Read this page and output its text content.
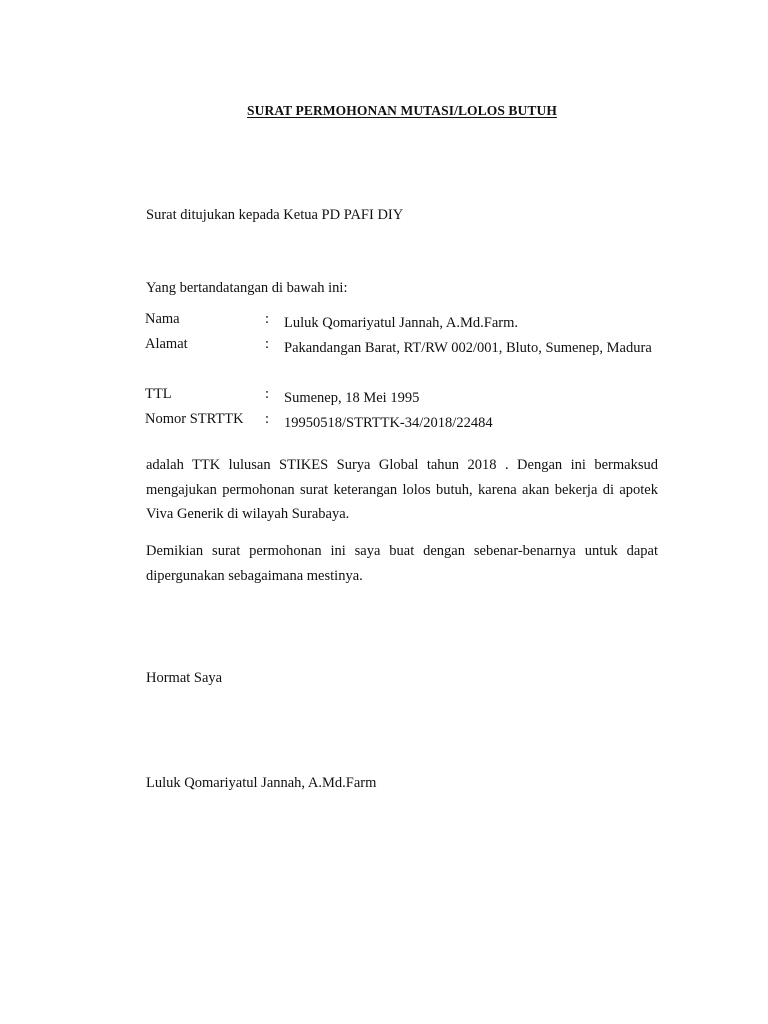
SURAT PERMOHONAN MUTASI/LOLOS BUTUH
Surat ditujukan kepada Ketua PD PAFI DIY
Yang bertandatangan di bawah ini:
Nama	: Luluk Qomariyatul Jannah, A.Md.Farm.
Alamat	: Pakandangan Barat, RT/RW 002/001, Bluto, Sumenep, Madura
TTL	: Sumenep, 18 Mei 1995
Nomor STRTTK : 19950518/STRTTK-34/2018/22484
adalah TTK lulusan STIKES Surya Global tahun 2018 . Dengan ini bermaksud mengajukan permohonan surat keterangan lolos butuh, karena akan bekerja di apotek Viva Generik di wilayah Surabaya.
Demikian surat permohonan ini saya buat dengan sebenar-benarnya untuk dapat dipergunakan sebagaimana mestinya.
Hormat Saya
Luluk Qomariyatul Jannah, A.Md.Farm
